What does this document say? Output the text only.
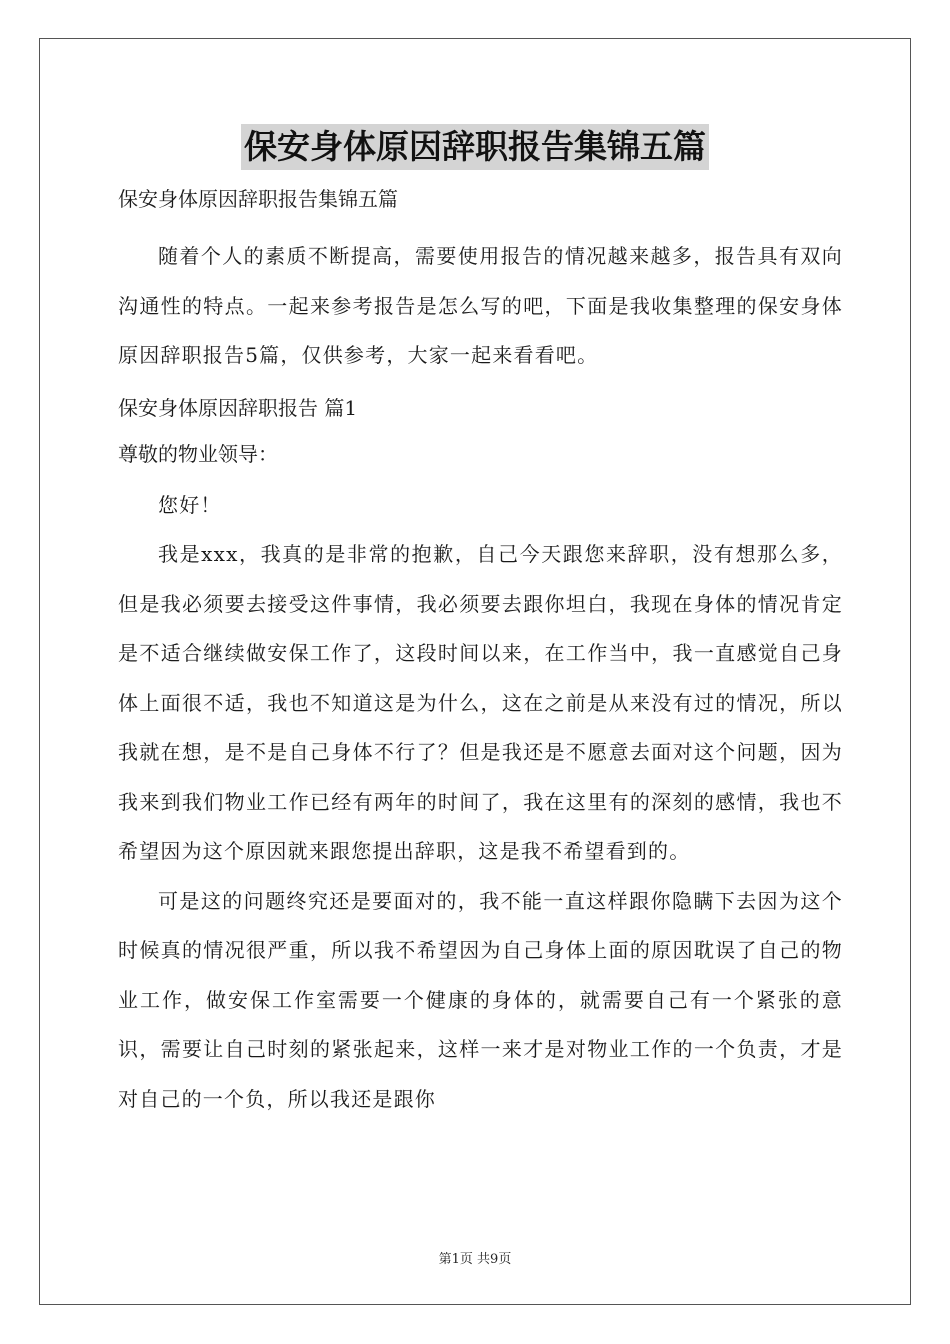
保安身体原因辞职报告集锦五篇

保安身体原因辞职报告集锦五篇

随着个人的素质不断提高，需要使用报告的情况越来越多，报告具有双向沟通性的特点。一起来参考报告是怎么写的吧，下面是我收集整理的保安身体原因辞职报告5篇，仅供参考，大家一起来看看吧。

保安身体原因辞职报告 篇1

尊敬的物业领导：

您好！

我是xxx，我真的是非常的抱歉，自己今天跟您来辞职，没有想那么多，但是我必须要去接受这件事情，我必须要去跟你坦白，我现在身体的情况肯定是不适合继续做安保工作了，这段时间以来，在工作当中，我一直感觉自己身体上面很不适，我也不知道这是为什么，这在之前是从来没有过的情况，所以我就在想，是不是自己身体不行了？但是我还是不愿意去面对这个问题，因为我来到我们物业工作已经有两年的时间了，我在这里有的深刻的感情，我也不希望因为这个原因就来跟您提出辞职，这是我不希望看到的。

可是这的问题终究还是要面对的，我不能一直这样跟你隐瞒下去因为这个时候真的情况很严重，所以我不希望因为自己身体上面的原因耽误了自己的物业工作，做安保工作室需要一个健康的身体的，就需要自己有一个紧张的意识，需要让自己时刻的紧张起来，这样一来才是对物业工作的一个负责，才是对自己的一个负，所以我还是跟你

第1页 共9页
